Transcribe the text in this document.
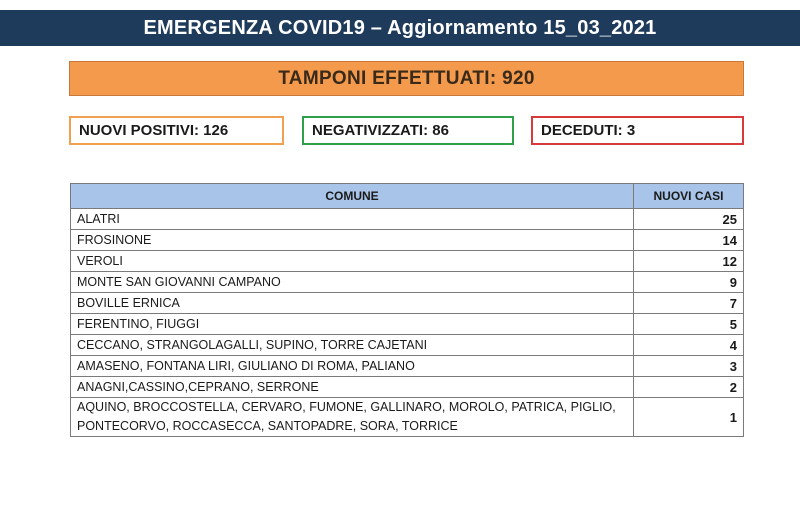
EMERGENZA COVID19 – Aggiornamento 15_03_2021
TAMPONI EFFETTUATI: 920
NUOVI POSITIVI: 126	NEGATIVIZZATI: 86	DECEDUTI: 3
COMUNE	NUOVI CASI
ALATRI	25
FROSINONE	14
VEROLI	12
MONTE SAN GIOVANNI CAMPANO	9
BOVILLE ERNICA	7
FERENTINO, FIUGGI	5
CECCANO, STRANGOLAGALLI, SUPINO, TORRE CAJETANI	4
AMASENO, FONTANA LIRI, GIULIANO DI ROMA, PALIANO	3
ANAGNI,CASSINO,CEPRANO, SERRONE	2
AQUINO, BROCCOSTELLA, CERVARO, FUMONE, GALLINARO, MOROLO, PATRICA, PIGLIO, PONTECORVO, ROCCASECCA, SANTOPADRE, SORA, TORRICE	1
